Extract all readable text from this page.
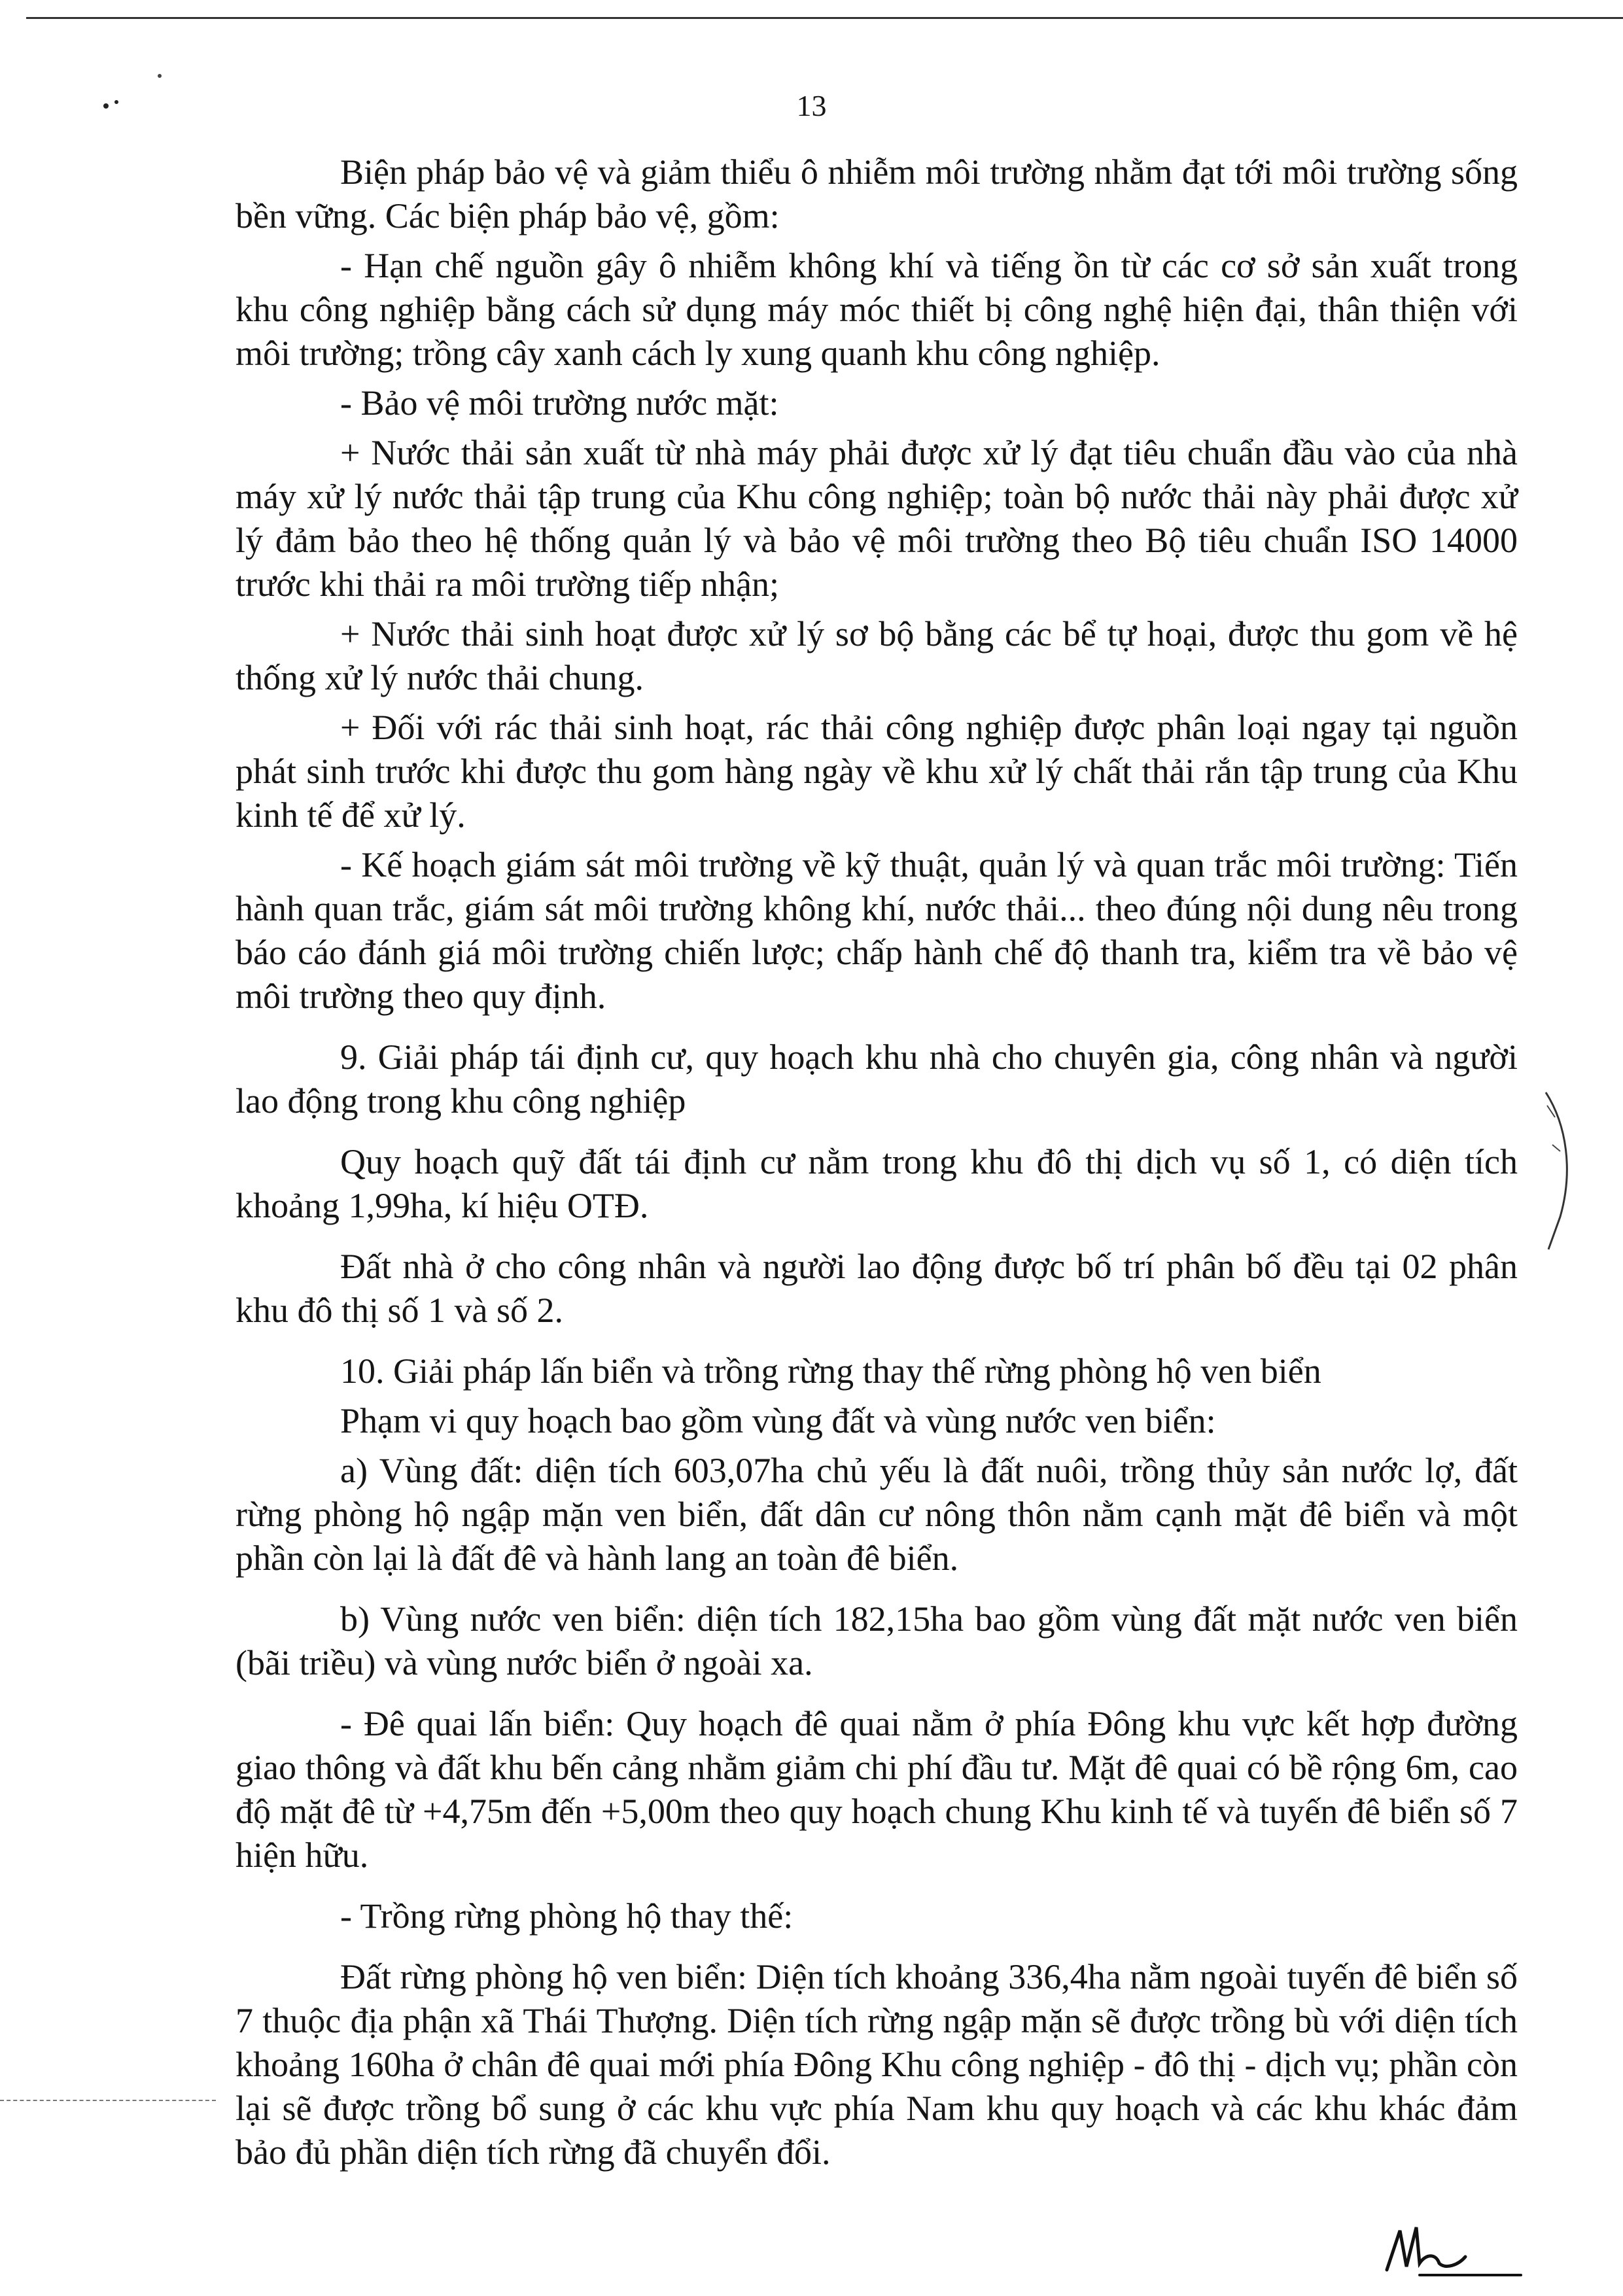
13

Biện pháp bảo vệ và giảm thiểu ô nhiễm môi trường nhằm đạt tới môi trường sống bền vững. Các biện pháp bảo vệ, gồm:

- Hạn chế nguồn gây ô nhiễm không khí và tiếng ồn từ các cơ sở sản xuất trong khu công nghiệp bằng cách sử dụng máy móc thiết bị công nghệ hiện đại, thân thiện với môi trường; trồng cây xanh cách ly xung quanh khu công nghiệp.

- Bảo vệ môi trường nước mặt:

+ Nước thải sản xuất từ nhà máy phải được xử lý đạt tiêu chuẩn đầu vào của nhà máy xử lý nước thải tập trung của Khu công nghiệp; toàn bộ nước thải này phải được xử lý đảm bảo theo hệ thống quản lý và bảo vệ môi trường theo Bộ tiêu chuẩn ISO 14000 trước khi thải ra môi trường tiếp nhận;

+ Nước thải sinh hoạt được xử lý sơ bộ bằng các bể tự hoại, được thu gom về hệ thống xử lý nước thải chung.

+ Đối với rác thải sinh hoạt, rác thải công nghiệp được phân loại ngay tại nguồn phát sinh trước khi được thu gom hàng ngày về khu xử lý chất thải rắn tập trung của Khu kinh tế để xử lý.

- Kế hoạch giám sát môi trường về kỹ thuật, quản lý và quan trắc môi trường: Tiến hành quan trắc, giám sát môi trường không khí, nước thải... theo đúng nội dung nêu trong báo cáo đánh giá môi trường chiến lược; chấp hành chế độ thanh tra, kiểm tra về bảo vệ môi trường theo quy định.

9. Giải pháp tái định cư, quy hoạch khu nhà cho chuyên gia, công nhân và người lao động trong khu công nghiệp

Quy hoạch quỹ đất tái định cư nằm trong khu đô thị dịch vụ số 1, có diện tích khoảng 1,99ha, kí hiệu OTĐ.

Đất nhà ở cho công nhân và người lao động được bố trí phân bố đều tại 02 phân khu đô thị số 1 và số 2.

10. Giải pháp lấn biển và trồng rừng thay thế rừng phòng hộ ven biển

Phạm vi quy hoạch bao gồm vùng đất và vùng nước ven biển:

a) Vùng đất: diện tích 603,07ha chủ yếu là đất nuôi, trồng thủy sản nước lợ, đất rừng phòng hộ ngập mặn ven biển, đất dân cư nông thôn nằm cạnh mặt đê biển và một phần còn lại là đất đê và hành lang an toàn đê biển.

b) Vùng nước ven biển: diện tích 182,15ha bao gồm vùng đất mặt nước ven biển (bãi triều) và vùng nước biển ở ngoài xa.

- Đê quai lấn biển: Quy hoạch đê quai nằm ở phía Đông khu vực kết hợp đường giao thông và đất khu bến cảng nhằm giảm chi phí đầu tư. Mặt đê quai có bề rộng 6m, cao độ mặt đê từ +4,75m đến +5,00m theo quy hoạch chung Khu kinh tế và tuyến đê biển số 7 hiện hữu.

- Trồng rừng phòng hộ thay thế:

Đất rừng phòng hộ ven biển: Diện tích khoảng 336,4ha nằm ngoài tuyến đê biển số 7 thuộc địa phận xã Thái Thượng. Diện tích rừng ngập mặn sẽ được trồng bù với diện tích khoảng 160ha ở chân đê quai mới phía Đông Khu công nghiệp - đô thị - dịch vụ; phần còn lại sẽ được trồng bổ sung ở các khu vực phía Nam khu quy hoạch và các khu khác đảm bảo đủ phần diện tích rừng đã chuyển đổi.
